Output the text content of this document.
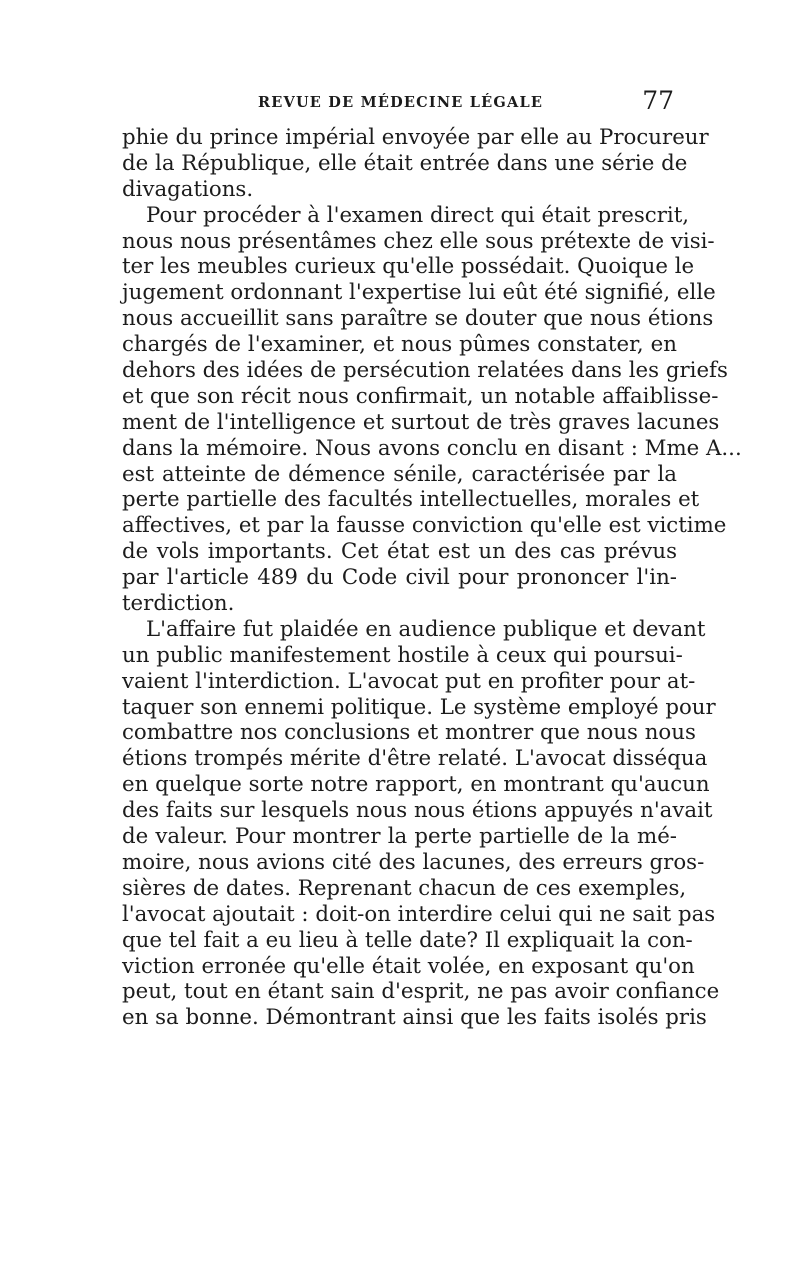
REVUE DE MÉDECINE LÉGALE	77
phie du prince impérial envoyée par elle au Procureur
de la République, elle était entrée dans une série de
divagations.
Pour procéder à l'examen direct qui était prescrit,
nous nous présentâmes chez elle sous prétexte de visi-
ter les meubles curieux qu'elle possédait. Quoique le
jugement ordonnant l'expertise lui eût été signifié, elle
nous accueillit sans paraître se douter que nous étions
chargés de l'examiner, et nous pûmes constater, en
dehors des idées de persécution relatées dans les griefs
et que son récit nous confirmait, un notable affaiblisse-
ment de l'intelligence et surtout de très graves lacunes
dans la mémoire. Nous avons conclu en disant : Mme A...
est atteinte de démence sénile, caractérisée par la
perte partielle des facultés intellectuelles, morales et
affectives, et par la fausse conviction qu'elle est victime
de vols importants. Cet état est un des cas prévus
par l'article 489 du Code civil pour prononcer l'in-
terdiction.
L'affaire fut plaidée en audience publique et devant
un public manifestement hostile à ceux qui poursui-
vaient l'interdiction. L'avocat put en profiter pour at-
taquer son ennemi politique. Le système employé pour
combattre nos conclusions et montrer que nous nous
étions trompés mérite d'être relaté. L'avocat disséqua
en quelque sorte notre rapport, en montrant qu'aucun
des faits sur lesquels nous nous étions appuyés n'avait
de valeur. Pour montrer la perte partielle de la mé-
moire, nous avions cité des lacunes, des erreurs gros-
sières de dates. Reprenant chacun de ces exemples,
l'avocat ajoutait : doit-on interdire celui qui ne sait pas
que tel fait a eu lieu à telle date? Il expliquait la con-
viction erronée qu'elle était volée, en exposant qu'on
peut, tout en étant sain d'esprit, ne pas avoir confiance
en sa bonne. Démontrant ainsi que les faits isolés pris
